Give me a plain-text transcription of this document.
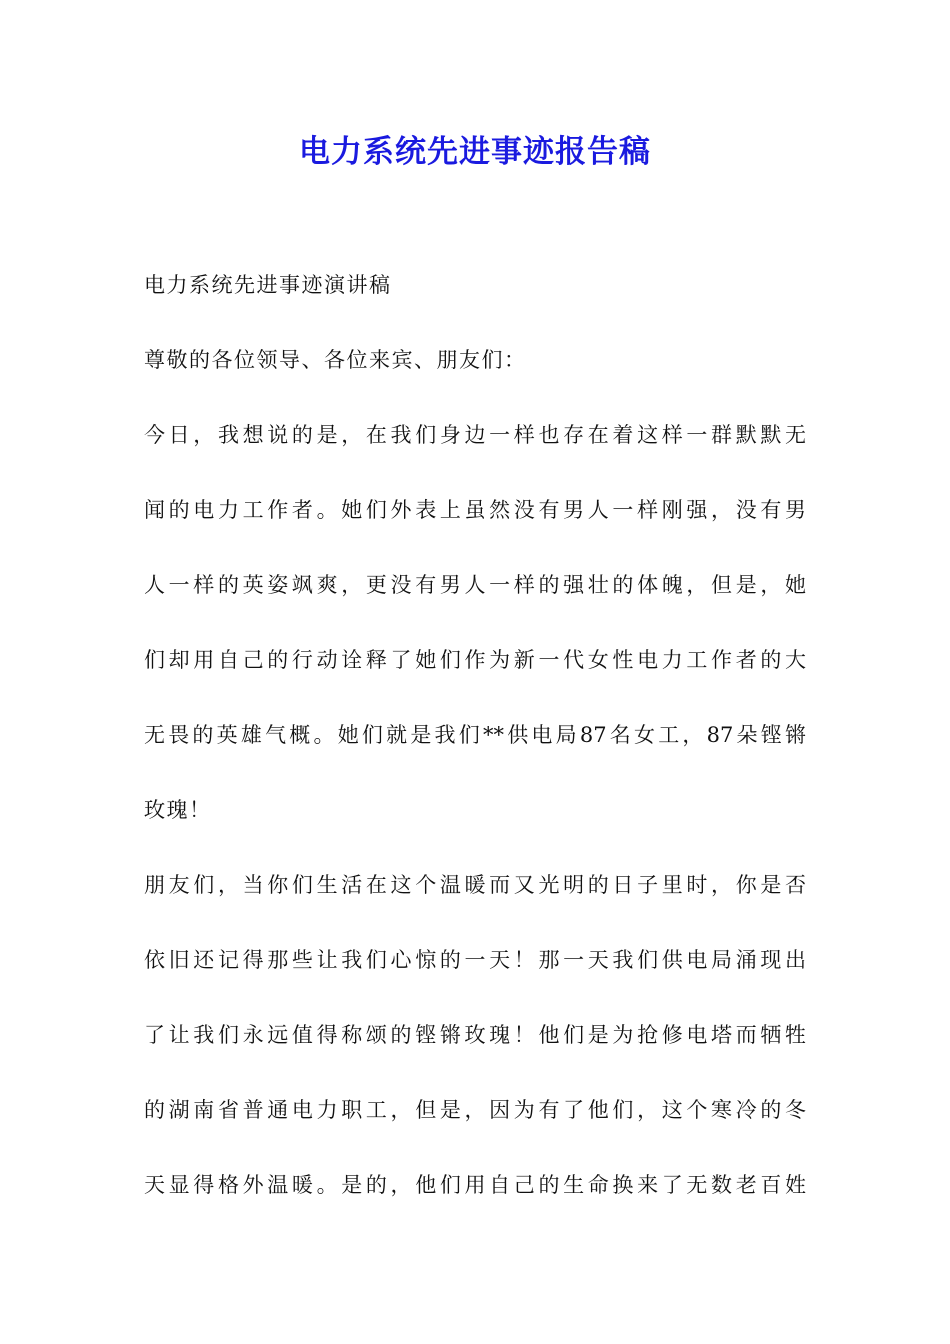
电力系统先进事迹报告稿
电力系统先进事迹演讲稿
尊敬的各位领导、各位来宾、朋友们：
今日，我想说的是，在我们身边一样也存在着这样一群默默无
闻的电力工作者。她们外表上虽然没有男人一样刚强，没有男
人一样的英姿飒爽，更没有男人一样的强壮的体魄，但是，她
们却用自己的行动诠释了她们作为新一代女性电力工作者的大
无畏的英雄气概。她们就是我们**供电局87名女工，87朵铿锵
玫瑰！
朋友们，当你们生活在这个温暖而又光明的日子里时，你是否
依旧还记得那些让我们心惊的一天！那一天我们供电局涌现出
了让我们永远值得称颂的铿锵玫瑰！他们是为抢修电塔而牺牲
的湖南省普通电力职工，但是，因为有了他们，这个寒冷的冬
天显得格外温暖。是的，他们用自己的生命换来了无数老百姓
